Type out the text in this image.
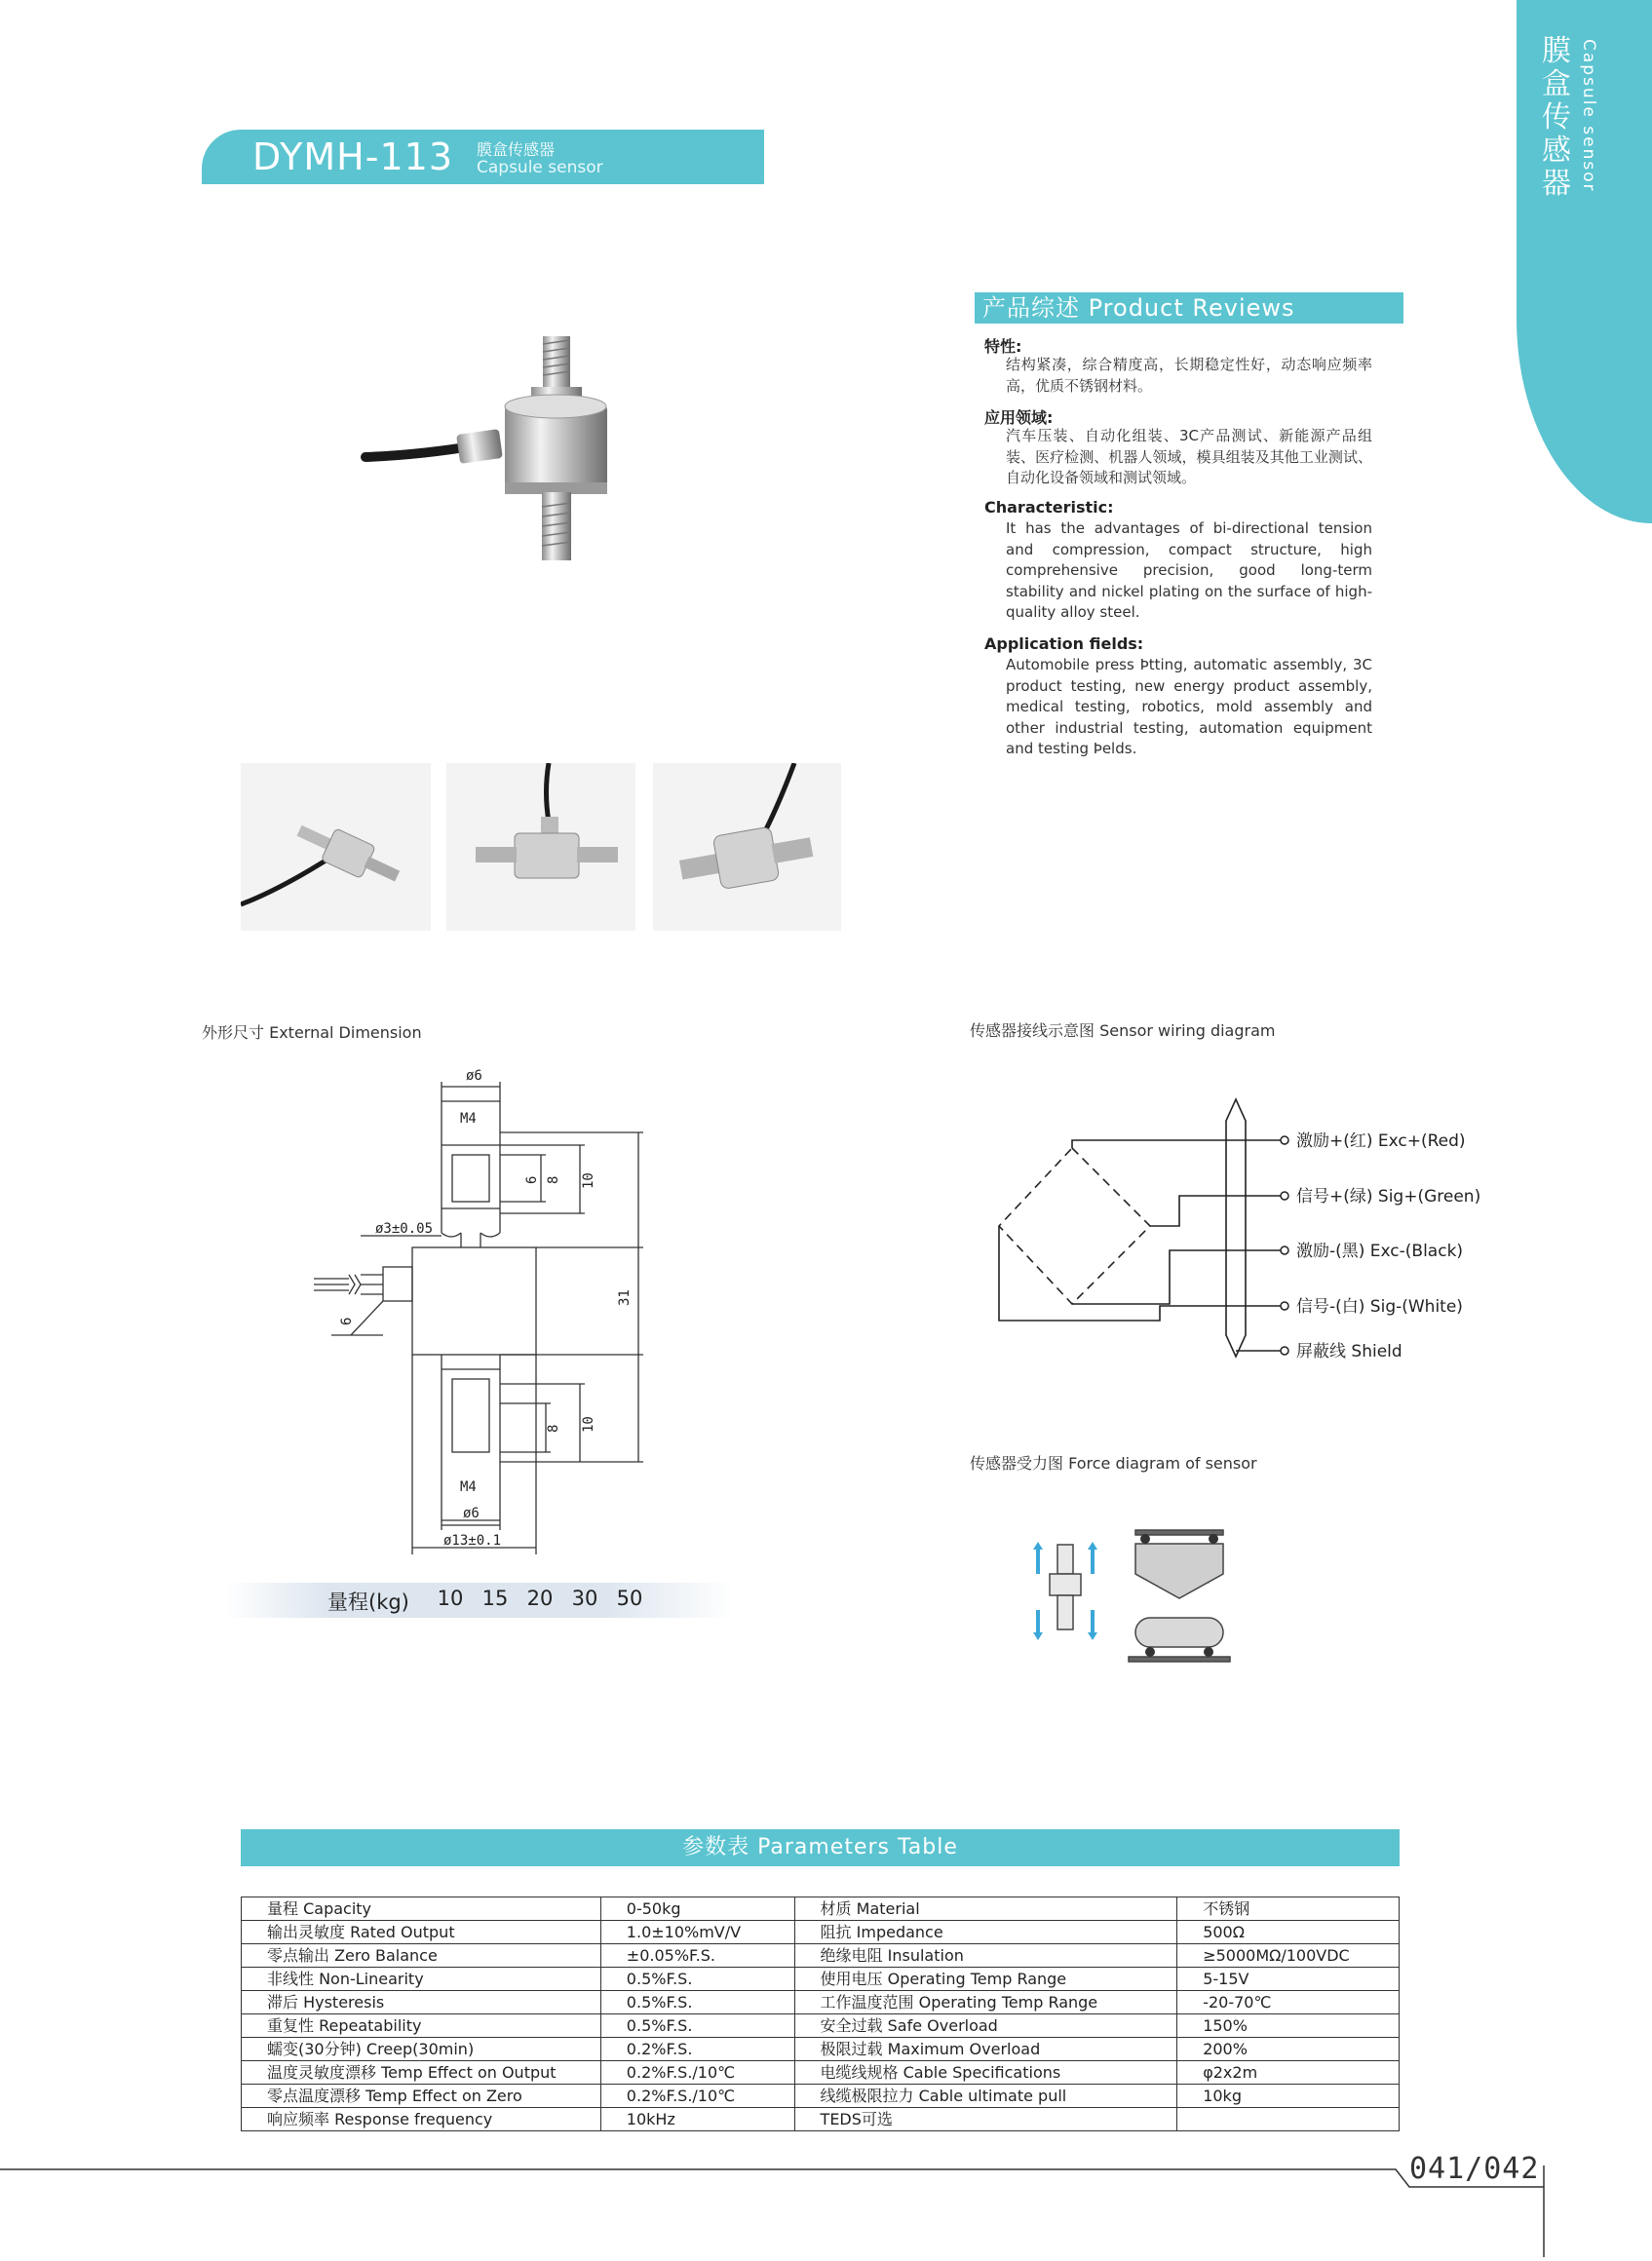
膜盒传感器 Capsule sensor
DYMH-113 膜盒传感器
Capsule sensor
产品综述 Product Reviews
特性:
结构紧凑，综合精度高，长期稳定性好，动态响应频率高，优质不锈钢材料。
应用领域:
汽车压装、自动化组装、3C产品测试、新能源产品组装、医疗检测、机器人领域，模具组装及其他工业测试、自动化设备领域和测试领域。
Characteristic:
It has the advantages of bi-directional tension and compression, compact structure, high comprehensive precision, good long-term stability and nickel plating on the surface of high-quality alloy steel.
Application fields:
Automobile press Þtting, automatic assembly, 3C product testing, new energy product assembly, medical testing, robotics, mold assembly and other industrial testing, automation equipment and testing Þelds.
外形尺寸 External Dimension	传感器接线示意图 Sensor wiring diagram
传感器受力图 Force diagram of sensor
ø6
M4
6 8 10
ø3±0.05
6
31
8 10
M4
ø6
ø13±0.1
量程(kg)	10 15 20 30 50
激励+(红) Exc+(Red)
信号+(绿) Sig+(Green)
激励-(黑) Exc-(Black)
信号-(白) Sig-(White)
屏蔽线 Shield
参数表 Parameters Table
量程 Capacity	0-50kg	材质 Material	不锈钢
输出灵敏度 Rated Output	1.0±10%mV/V	阻抗 Impedance	500Ω
零点输出 Zero Balance	±0.05%F.S.	绝缘电阻 Insulation	≥5000MΩ/100VDC
非线性 Non-Linearity	0.5%F.S.	使用电压 Operating Temp Range	5-15V
滞后 Hysteresis	0.5%F.S.	工作温度范围 Operating Temp Range	-20-70℃
重复性 Repeatability	0.5%F.S.	安全过载 Safe Overload	150%
蠕变(30分钟) Creep(30min)	0.2%F.S.	极限过载 Maximum Overload	200%
温度灵敏度漂移 Temp Effect on Output	0.2%F.S./10℃	电缆线规格 Cable Specifications	φ2x2m
零点温度漂移 Temp Effect on Zero	0.2%F.S./10℃	线缆极限拉力 Cable ultimate pull	10kg
响应频率 Response frequency	10kHz	TEDS可选	
041/042
